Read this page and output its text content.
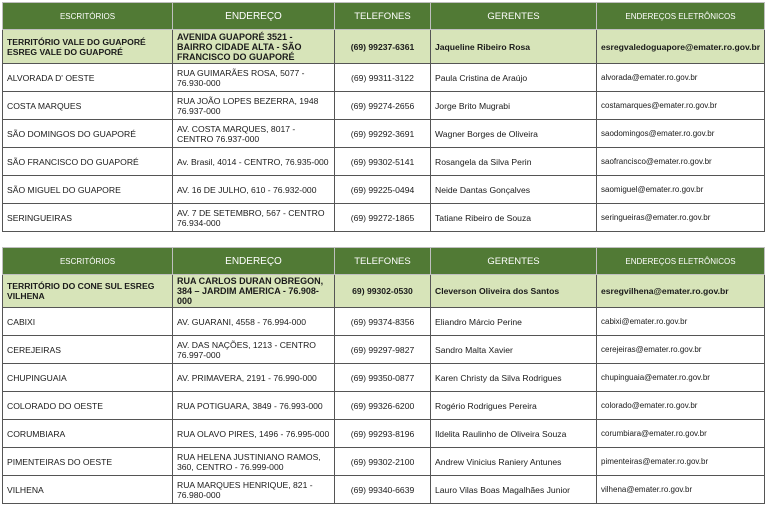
ESCRITÓRIOS	ENDEREÇO	TELEFONES	GERENTES	ENDEREÇOS ELETRÔNICOS
TERRITÓRIO VALE DO GUAPORÉ ESREG VALE DO GUAPORÉ	AVENIDA GUAPORÉ 3521 - BAIRRO CIDADE ALTA - SÃO FRANCISCO DO GUAPORÉ	(69) 99237-6361	Jaqueline Ribeiro Rosa	esregvaledoguapore@emater.ro.gov.br
ALVORADA D' OESTE	RUA GUIMARÃES ROSA, 5077 - 76.930-000	(69) 99311-3122	Paula Cristina de Araújo	alvorada@emater.ro.gov.br
COSTA MARQUES	RUA JOÃO LOPES BEZERRA, 1948 76.937-000	(69) 99274-2656	Jorge Brito Mugrabi	costamarques@emater.ro.gov.br
SÃO DOMINGOS DO GUAPORÉ	AV. COSTA MARQUES, 8017 - CENTRO 76.937-000	(69) 99292-3691	Wagner Borges de Oliveira	saodomingos@emater.ro.gov.br
SÃO FRANCISCO DO GUAPORÉ	Av. Brasil, 4014 - CENTRO, 76.935-000	(69) 99302-5141	Rosangela da Silva Perin	saofrancisco@emater.ro.gov.br
SÃO MIGUEL DO GUAPORE	AV. 16 DE JULHO, 610 - 76.932-000	(69) 99225-0494	Neide Dantas Gonçalves	saomiguel@emater.ro.gov.br
SERINGUEIRAS	AV. 7 DE SETEMBRO, 567 - CENTRO 76.934-000	(69) 99272-1865	Tatiane Ribeiro de Souza	seringueiras@emater.ro.gov.br
ESCRITÓRIOS	ENDEREÇO	TELEFONES	GERENTES	ENDEREÇOS ELETRÔNICOS
TERRITÓRIO DO CONE SUL ESREG VILHENA	RUA CARLOS DURAN OBREGON, 384 – JARDIM AMERICA - 76.908-000	69) 99302-0530	Cleverson Oliveira dos Santos	esregvilhena@emater.ro.gov.br
CABIXI	AV. GUARANI, 4558 - 76.994-000	(69) 99374-8356	Eliandro Márcio Perine	cabixi@emater.ro.gov.br
CEREJEIRAS	AV. DAS NAÇÕES, 1213 - CENTRO 76.997-000	(69) 99297-9827	Sandro Malta Xavier	cerejeiras@emater.ro.gov.br
CHUPINGUAIA	AV. PRIMAVERA, 2191 - 76.990-000	(69) 99350-0877	Karen Christy da Silva Rodrigues	chupinguaia@emater.ro.gov.br
COLORADO DO OESTE	RUA POTIGUARA, 3849 - 76.993-000	(69) 99326-6200	Rogério Rodrigues Pereira	colorado@emater.ro.gov.br
CORUMBIARA	RUA OLAVO PIRES, 1496 - 76.995-000	(69) 99293-8196	Ildelita Raulinho de Oliveira Souza	corumbiara@emater.ro.gov.br
PIMENTEIRAS DO OESTE	RUA HELENA JUSTINIANO RAMOS, 360, CENTRO - 76.999-000	(69) 99302-2100	Andrew Vinicius Raniery Antunes	pimenteiras@emater.ro.gov.br
VILHENA	RUA MARQUES HENRIQUE, 821 - 76.980-000	(69) 99340-6639	Lauro Vilas Boas Magalhães Junior	vilhena@emater.ro.gov.br
